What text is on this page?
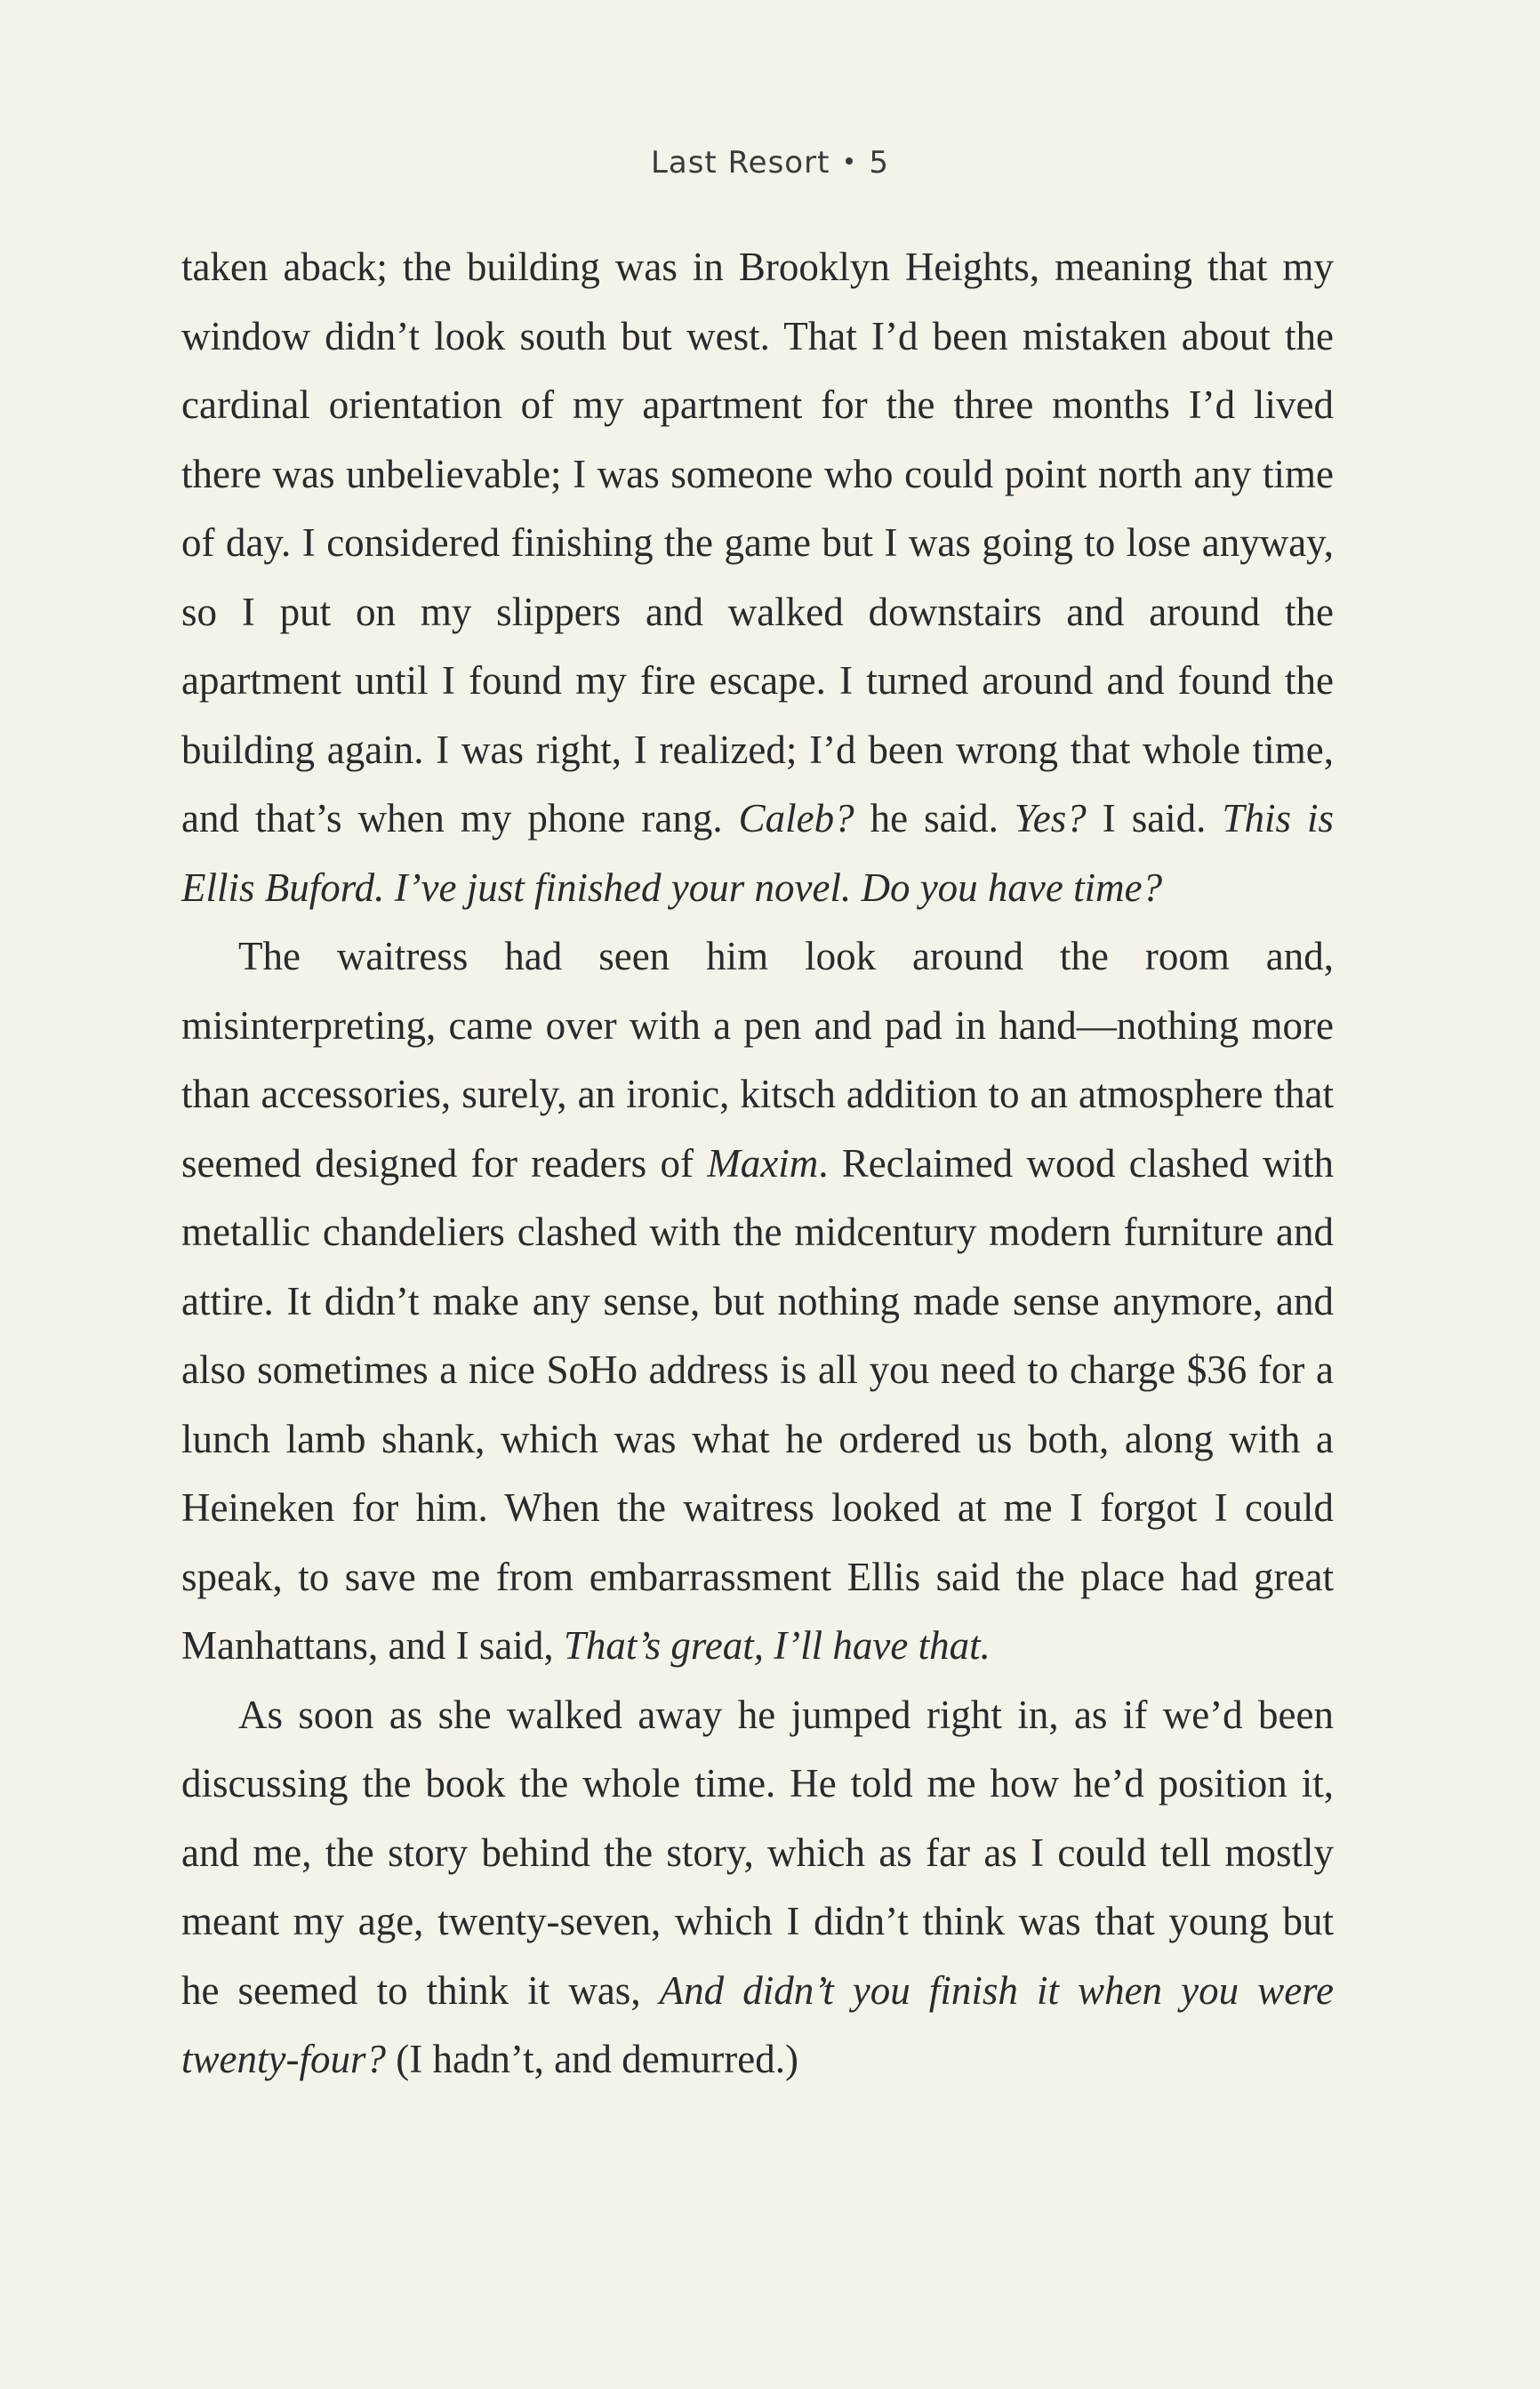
Last Resort 5

taken aback; the building was in Brooklyn Heights, meaning that my window didn’t look south but west. That I’d been mistaken about the cardinal orientation of my apartment for the three months I’d lived there was unbelievable; I was someone who could point north any time of day. I considered finishing the game but I was going to lose anyway, so I put on my slippers and walked downstairs and around the apartment until I found my fire escape. I turned around and found the building again. I was right, I realized; I’d been wrong that whole time, and that’s when my phone rang. Caleb? he said. Yes? I said. This is Ellis Buford. I’ve just finished your novel. Do you have time?

The waitress had seen him look around the room and, misinterpreting, came over with a pen and pad in hand—nothing more than accessories, surely, an ironic, kitsch addition to an atmosphere that seemed designed for readers of Maxim. Reclaimed wood clashed with metallic chandeliers clashed with the midcentury modern furniture and attire. It didn’t make any sense, but nothing made sense anymore, and also sometimes a nice SoHo address is all you need to charge $36 for a lunch lamb shank, which was what he ordered us both, along with a Heineken for him. When the waitress looked at me I forgot I could speak, to save me from embarrassment Ellis said the place had great Manhattans, and I said, That’s great, I’ll have that.

As soon as she walked away he jumped right in, as if we’d been discussing the book the whole time. He told me how he’d position it, and me, the story behind the story, which as far as I could tell mostly meant my age, twenty-seven, which I didn’t think was that young but he seemed to think it was, And didn’t you finish it when you were twenty-four? (I hadn’t, and demurred.)
